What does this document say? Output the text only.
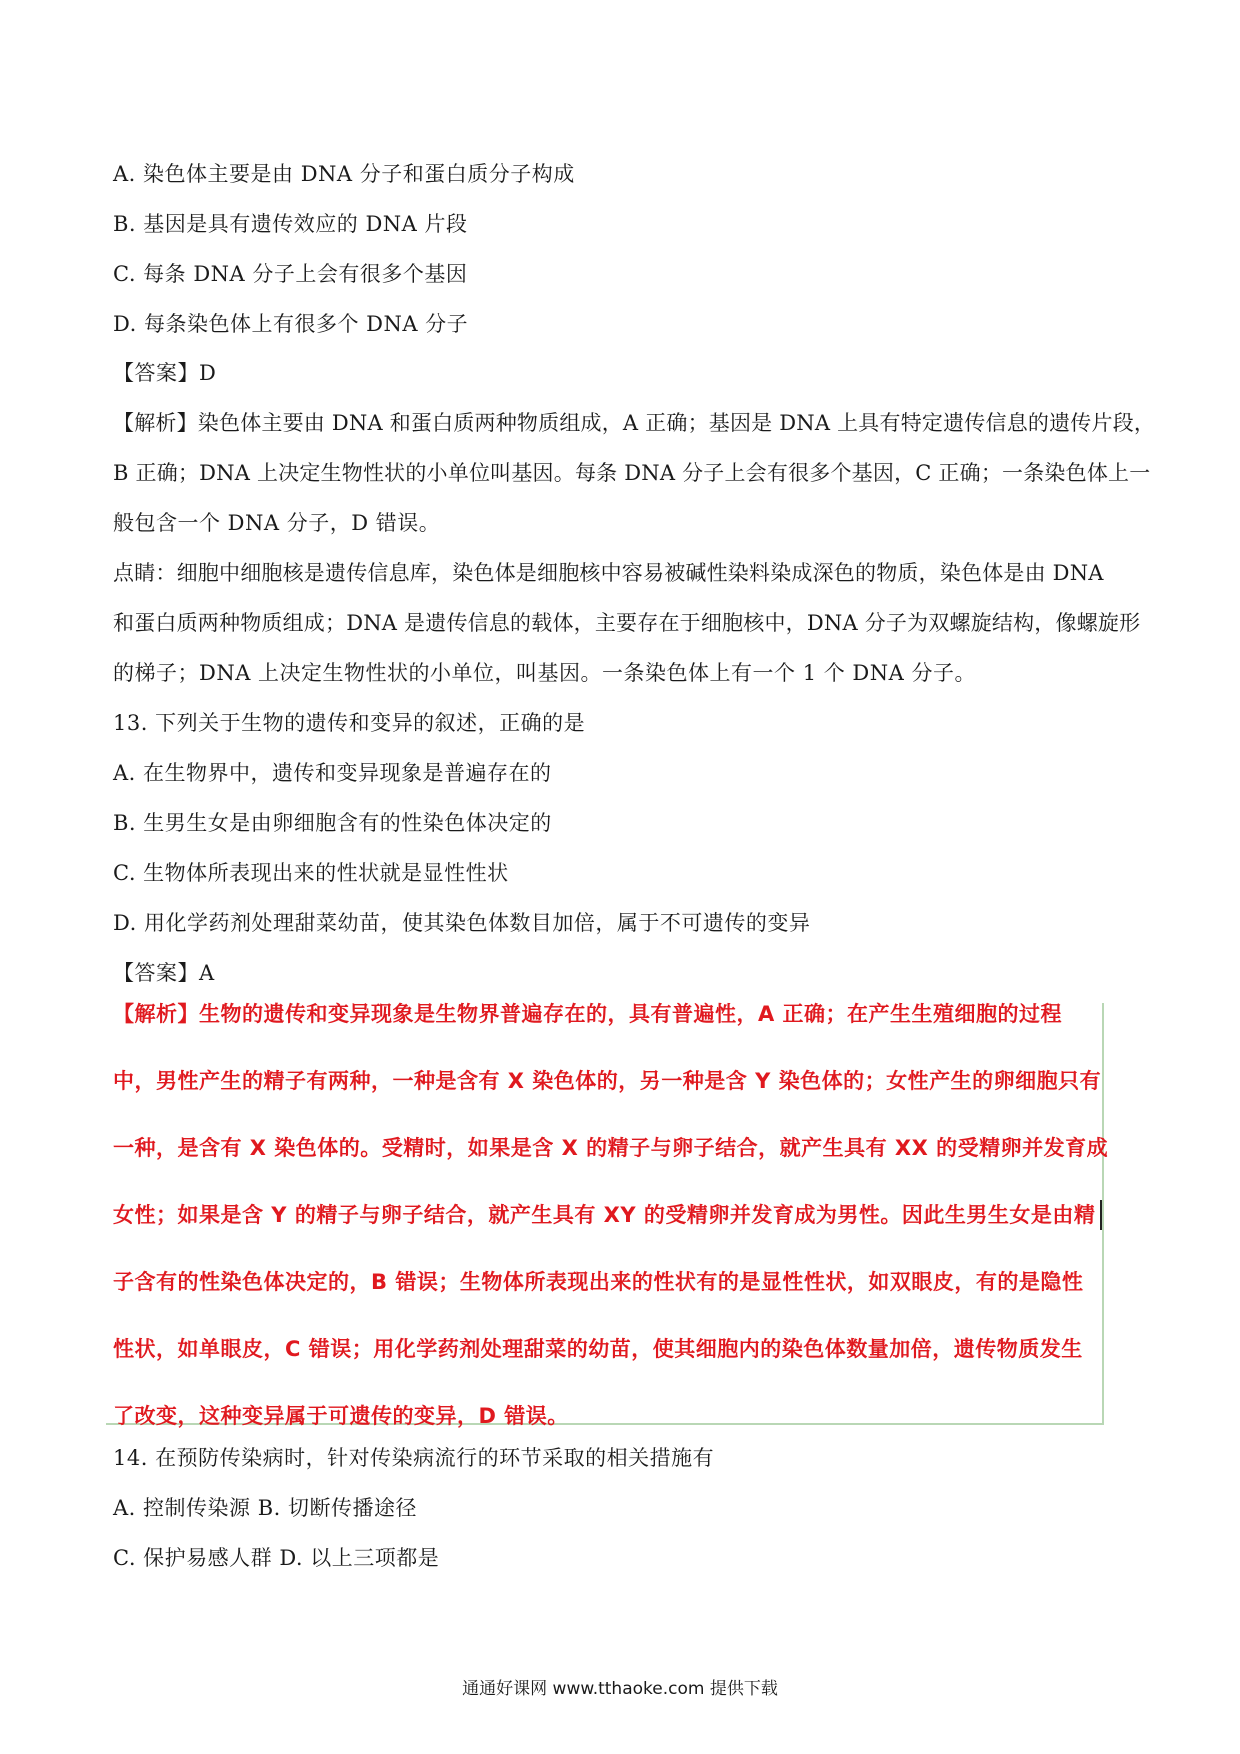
A. 染色体主要是由 DNA 分子和蛋白质分子构成
B. 基因是具有遗传效应的 DNA 片段
C. 每条 DNA 分子上会有很多个基因
D. 每条染色体上有很多个 DNA 分子
【答案】D
【解析】染色体主要由 DNA 和蛋白质两种物质组成，A 正确；基因是 DNA 上具有特定遗传信息的遗传片段，
B 正确；DNA 上决定生物性状的小单位叫基因。每条 DNA 分子上会有很多个基因，C 正确；一条染色体上一
般包含一个 DNA 分子，D 错误。
点睛：细胞中细胞核是遗传信息库，染色体是细胞核中容易被碱性染料染成深色的物质，染色体是由 DNA
和蛋白质两种物质组成；DNA 是遗传信息的载体，主要存在于细胞核中，DNA 分子为双螺旋结构，像螺旋形
的梯子；DNA 上决定生物性状的小单位，叫基因。一条染色体上有一个 1 个 DNA 分子。
13. 下列关于生物的遗传和变异的叙述，正确的是
A. 在生物界中，遗传和变异现象是普遍存在的
B. 生男生女是由卵细胞含有的性染色体决定的
C. 生物体所表现出来的性状就是显性性状
D. 用化学药剂处理甜菜幼苗，使其染色体数目加倍，属于不可遗传的变异
【答案】A
【解析】生物的遗传和变异现象是生物界普遍存在的，具有普遍性，A 正确；在产生生殖细胞的过程
中，男性产生的精子有两种，一种是含有 X 染色体的，另一种是含 Y 染色体的；女性产生的卵细胞只有
一种，是含有 X 染色体的。受精时，如果是含 X 的精子与卵子结合，就产生具有 XX 的受精卵并发育成
女性；如果是含 Y 的精子与卵子结合，就产生具有 XY 的受精卵并发育成为男性。因此生男生女是由精
子含有的性染色体决定的，B 错误；生物体所表现出来的性状有的是显性性状，如双眼皮，有的是隐性
性状，如单眼皮，C 错误；用化学药剂处理甜菜的幼苗，使其细胞内的染色体数量加倍，遗传物质发生
了改变，这种变异属于可遗传的变异，D 错误。
14. 在预防传染病时，针对传染病流行的环节采取的相关措施有
A. 控制传染源 B. 切断传播途径
C. 保护易感人群 D. 以上三项都是
通通好课网 www.tthaoke.com 提供下载
